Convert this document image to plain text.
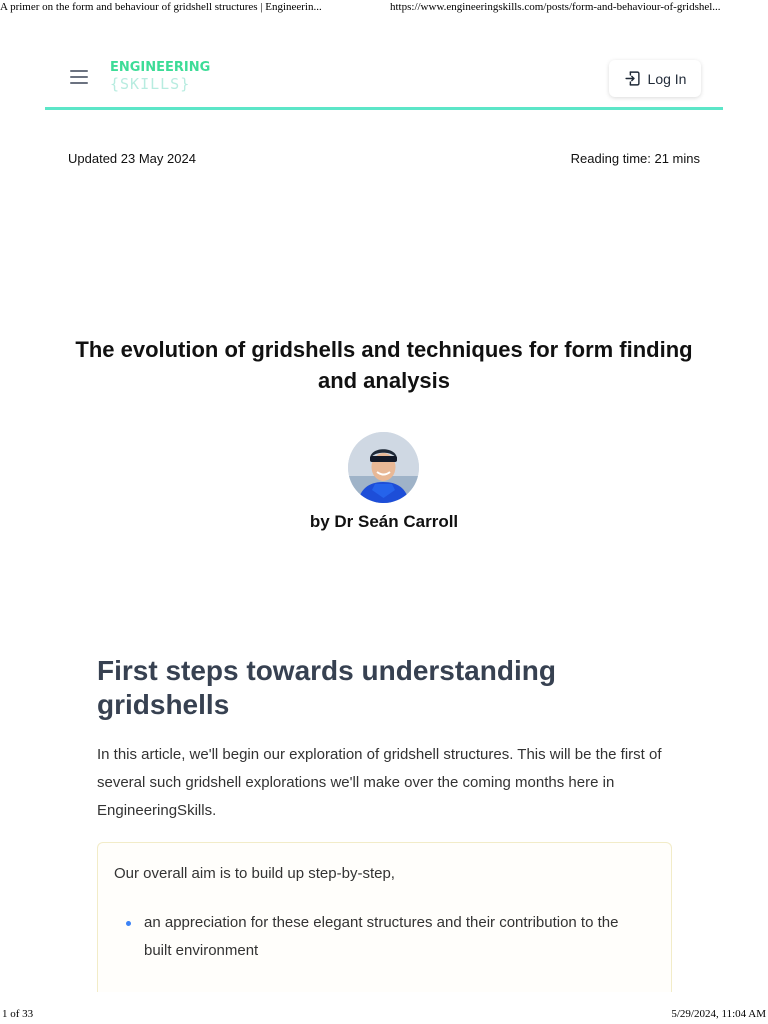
A primer on the form and behaviour of gridshell structures | Engineerin...	https://www.engineeringskills.com/posts/form-and-behaviour-of-gridshel...
ENGINEERING
{SKILLS}	Log In
Updated 23 May 2024	Reading time: 21 mins
The evolution of gridshells and techniques for form finding and analysis
by Dr Seán Carroll
First steps towards understanding gridshells

In this article, we'll begin our exploration of gridshell structures. This will be the first of several such gridshell explorations we'll make over the coming months here in EngineeringSkills.

Our overall aim is to build up step-by-step,

an appreciation for these elegant structures and their contribution to the built environment
1 of 33	5/29/2024, 11:04 AM
